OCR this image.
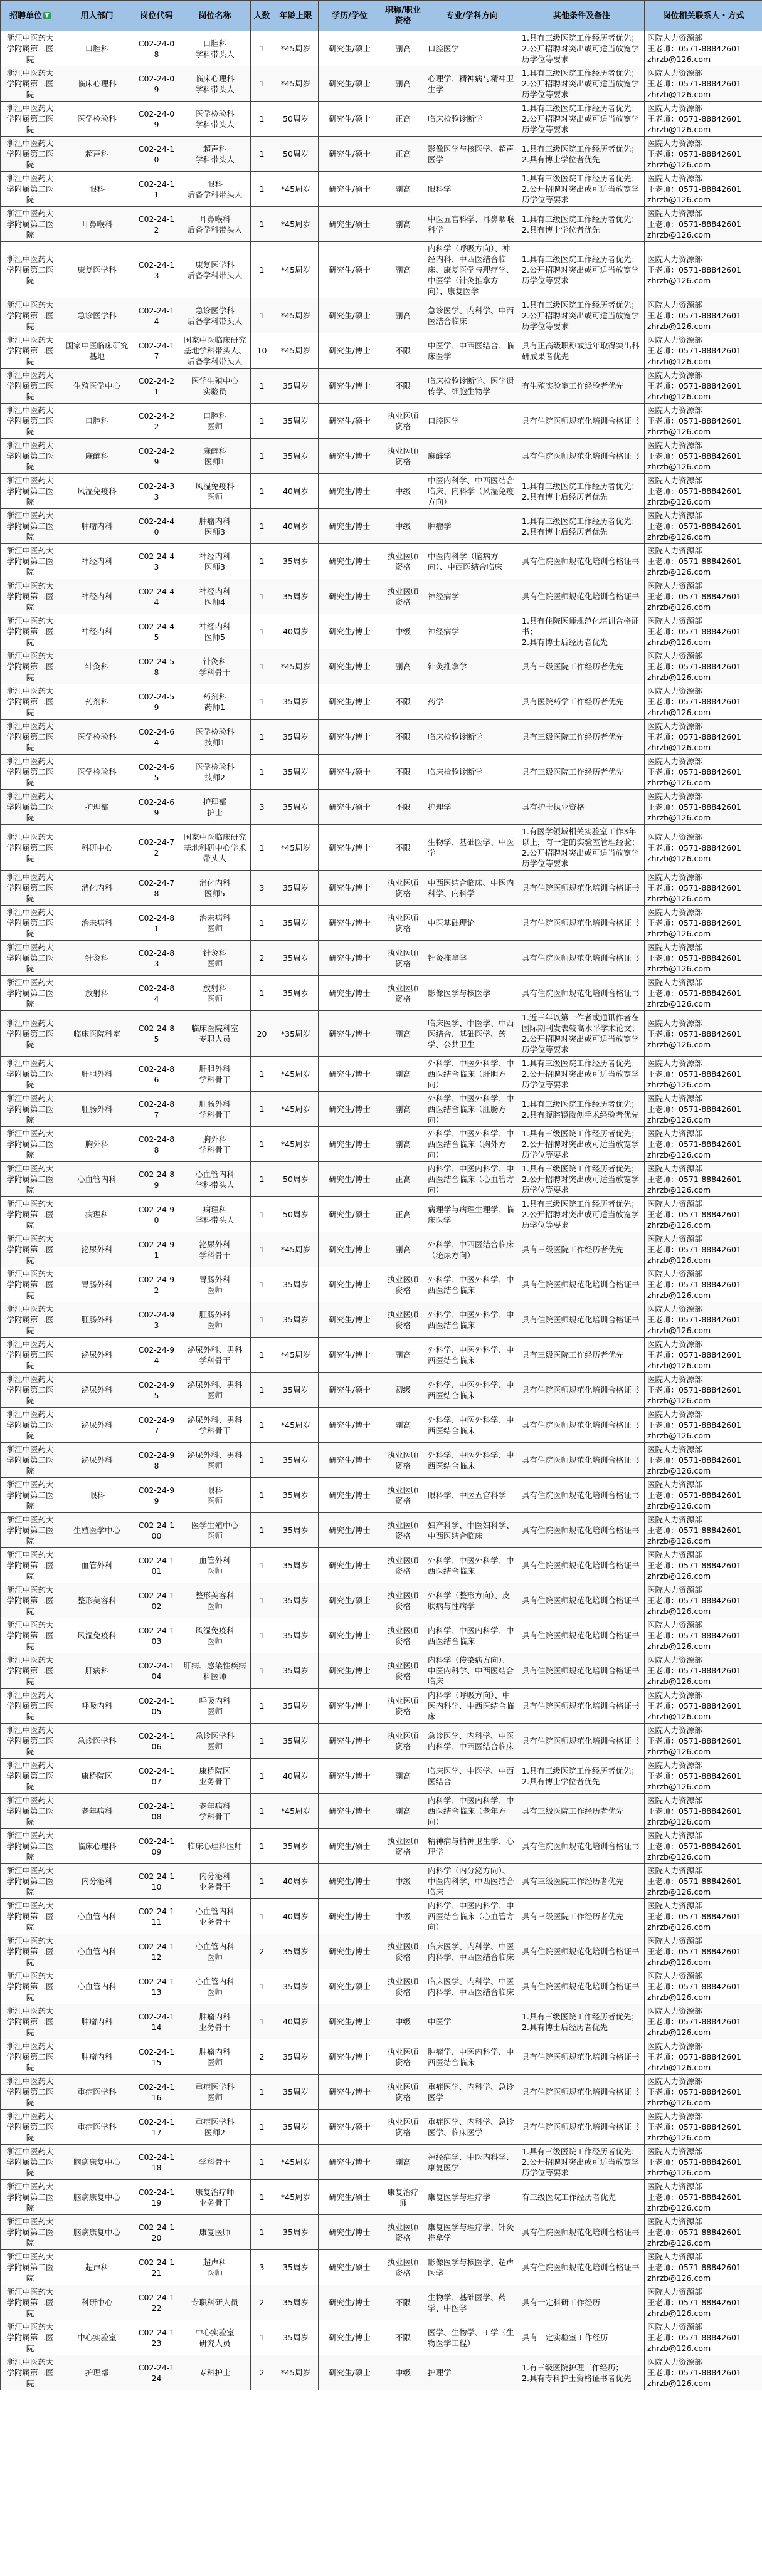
招聘单位 ▼	用人部门	岗位代码	岗位名称	人数	年龄上限	学历/学位	职称/职业资格	专业/学科方向	其他条件及备注	岗位相关联系人・方式
浙江中医药大学附属第二医院	口腔科	C02-24-08	口腔科
学科带头人	1	*45周岁	研究生/硕士	副高	口腔医学	1.具有三级医院工作经历者优先；
2.公开招聘对突出或可适当放宽学历学位等要求	医院人力资源部
王老师：0571-88842601
zhrzb@126.com
浙江中医药大学附属第二医院	临床心理科	C02-24-09	临床心理科
学科带头人	1	*45周岁	研究生/硕士	副高	心理学、精神病与精神卫生学	1.具有三级医院工作经历者优先；
2.公开招聘对突出或可适当放宽学历学位等要求	医院人力资源部
王老师：0571-88842601
zhrzb@126.com
浙江中医药大学附属第二医院	医学检验科	C02-24-09	医学检验科
学科带头人	1	50周岁	研究生/硕士	正高	临床检验诊断学	1.具有三级医院工作经历者优先；
2.公开招聘对突出或可适当放宽学历学位等要求	医院人力资源部
王老师：0571-88842601
zhrzb@126.com
浙江中医药大学附属第二医院	超声科	C02-24-10	超声科
学科带头人	1	50周岁	研究生/硕士	正高	影像医学与核医学、超声医学	1.具有三级医院工作经历者优先；
2.具有博士学位者优先	医院人力资源部
王老师：0571-88842601
zhrzb@126.com
浙江中医药大学附属第二医院	眼科	C02-24-11	眼科
后备学科带头人	1	*45周岁	研究生/硕士	副高	眼科学	1.具有三级医院工作经历者优先；
2.公开招聘对突出或可适当放宽学历学位等要求	医院人力资源部
王老师：0571-88842601
zhrzb@126.com
浙江中医药大学附属第二医院	耳鼻喉科	C02-24-12	耳鼻喉科
后备学科带头人	1	*45周岁	研究生/硕士	副高	中医五官科学、耳鼻咽喉科学	1.具有三级医院工作经历者优先；
2.具有博士学位者优先	医院人力资源部
王老师：0571-88842601
zhrzb@126.com
浙江中医药大学附属第二医院	康复医学科	C02-24-13	康复医学科
后备学科带头人	1	*45周岁	研究生/硕士	副高	内科学（呼吸方向）、神经内科、中西医结合临床、康复医学与理疗学、中医学（针灸推拿方向）、康复医学	1.具有三级医院工作经历者优先；
2.公开招聘对突出或可适当放宽学历学位等要求	医院人力资源部
王老师：0571-88842601
zhrzb@126.com
浙江中医药大学附属第二医院	急诊医学科	C02-24-14	急诊医学科
后备学科带头人	1	*45周岁	研究生/硕士	副高	急诊医学、内科学、中西医结合临床	1.具有三级医院工作经历者优先；
2.公开招聘对突出或可适当放宽学历学位等要求	医院人力资源部
王老师：0571-88842601
zhrzb@126.com
浙江中医药大学附属第二医院	国家中医临床研究基地	C02-24-17	国家中医临床研究基地学科带头人、后备学科带头人	10	*45周岁	研究生/博士	不限	中医学、中西医结合、临床医学	具有正高级职称或近年取得突出科研成果者优先	医院人力资源部
王老师：0571-88842601
zhrzb@126.com
浙江中医药大学附属第二医院	生殖医学中心	C02-24-21	医学生殖中心
实验员	1	35周岁	研究生/博士	不限	临床检验诊断学、医学遗传学、细胞生物学	有生殖实验室工作经验者优先	医院人力资源部
王老师：0571-88842601
zhrzb@126.com
浙江中医药大学附属第二医院	口腔科	C02-24-22	口腔科
医师	1	35周岁	研究生/硕士	执业医师资格	口腔医学	具有住院医师规范化培训合格证书	医院人力资源部
王老师：0571-88842601
zhrzb@126.com
浙江中医药大学附属第二医院	麻醉科	C02-24-29	麻醉科
医师1	1	35周岁	研究生/博士	执业医师资格	麻醉学	具有住院医师规范化培训合格证书	医院人力资源部
王老师：0571-88842601
zhrzb@126.com
浙江中医药大学附属第二医院	风湿免疫科	C02-24-33	风湿免疫科
医师	1	40周岁	研究生/博士	中级	中医内科学、中西医结合临床、内科学（风湿免疫方向）	1.具有三级医院工作经历者优先；
2.具有博士后经历者优先	医院人力资源部
王老师：0571-88842601
zhrzb@126.com
浙江中医药大学附属第二医院	肿瘤内科	C02-24-40	肿瘤内科
医师3	1	40周岁	研究生/博士	中级	肿瘤学	1.具有三级医院工作经历者优先；
2.具有博士后经历者优先	医院人力资源部
王老师：0571-88842601
zhrzb@126.com
浙江中医药大学附属第二医院	神经内科	C02-24-43	神经内科
医师3	1	35周岁	研究生/博士	执业医师资格	中医内科学（脑病方向）、中西医结合临床	具有住院医师规范化培训合格证书	医院人力资源部
王老师：0571-88842601
zhrzb@126.com
浙江中医药大学附属第二医院	神经内科	C02-24-44	神经内科
医师4	1	35周岁	研究生/博士	执业医师资格	神经病学	具有住院医师规范化培训合格证书	医院人力资源部
王老师：0571-88842601
zhrzb@126.com
浙江中医药大学附属第二医院	神经内科	C02-24-45	神经内科
医师5	1	40周岁	研究生/博士	中级	神经病学	1.具有住院医师规范化培训合格证书；
2.具有博士后经历者优先	医院人力资源部
王老师：0571-88842601
zhrzb@126.com
浙江中医药大学附属第二医院	针灸科	C02-24-58	针灸科
学科骨干	1	*45周岁	研究生/博士	副高	针灸推拿学	具有三级医院工作经历者优先	医院人力资源部
王老师：0571-88842601
zhrzb@126.com
浙江中医药大学附属第二医院	药剂科	C02-24-59	药剂科
药师1	1	35周岁	研究生/博士	不限	药学	具有医院药学工作经历者优先	医院人力资源部
王老师：0571-88842601
zhrzb@126.com
浙江中医药大学附属第二医院	医学检验科	C02-24-64	医学检验科
技师1	1	35周岁	研究生/博士	不限	临床检验诊断学	具有三级医院工作经历者优先	医院人力资源部
王老师：0571-88842601
zhrzb@126.com
浙江中医药大学附属第二医院	医学检验科	C02-24-65	医学检验科
技师2	1	35周岁	研究生/硕士	不限	临床检验诊断学	具有三级医院工作经历者优先	医院人力资源部
王老师：0571-88842601
zhrzb@126.com
浙江中医药大学附属第二医院	护理部	C02-24-69	护理部
护士	3	35周岁	研究生/硕士	不限	护理学	具有护士执业资格	医院人力资源部
王老师：0571-88842601
zhrzb@126.com
浙江中医药大学附属第二医院	科研中心	C02-24-72	国家中医临床研究基地科研中心学术带头人	1	*45周岁	研究生/博士	不限	生物学、基础医学、中医学	1.有医学领域相关实验室工作3年以上，有一定的实验室管理经验；
2.公开招聘对突出或可适当放宽学历学位等要求	医院人力资源部
王老师：0571-88842601
zhrzb@126.com
浙江中医药大学附属第二医院	消化内科	C02-24-78	消化内科
医师5	3	35周岁	研究生/博士	执业医师资格	中西医结合临床、中医内科学、内科学	具有住院医师规范化培训合格证书	医院人力资源部
王老师：0571-88842601
zhrzb@126.com
浙江中医药大学附属第二医院	治未病科	C02-24-81	治未病科
医师	1	35周岁	研究生/博士	执业医师资格	中医基础理论	具有住院医师规范化培训合格证书	医院人力资源部
王老师：0571-88842601
zhrzb@126.com
浙江中医药大学附属第二医院	针灸科	C02-24-83	针灸科
医师	2	35周岁	研究生/博士	执业医师资格	针灸推拿学	具有住院医师规范化培训合格证书	医院人力资源部
王老师：0571-88842601
zhrzb@126.com
浙江中医药大学附属第二医院	放射科	C02-24-84	放射科
医师	1	35周岁	研究生/博士	执业医师资格	影像医学与核医学	具有住院医师规范化培训合格证书	医院人力资源部
王老师：0571-88842601
zhrzb@126.com
浙江中医药大学附属第二医院	临床医院科室	C02-24-85	临床医院科室
专职人员	20	*35周岁	研究生/博士	副高	临床医学、中医学、中西医结合、基础医学、药学、公共卫生	1.近三年以第一作者或通讯作者在国际期刊发表较高水平学术论文；
2.公开招聘对突出或可适当放宽学历学位等要求	医院人力资源部
王老师：0571-88842601
zhrzb@126.com
浙江中医药大学附属第二医院	肝胆外科	C02-24-86	肝胆外科
学科骨干	1	*45周岁	研究生/博士	副高	外科学、中医外科学、中西医结合临床（肝胆方向）	1.具有三级医院工作经历者优先；
2.公开招聘对突出或可适当放宽学历学位等要求	医院人力资源部
王老师：0571-88842601
zhrzb@126.com
浙江中医药大学附属第二医院	肛肠外科	C02-24-87	肛肠外科
学科骨干	1	*45周岁	研究生/博士	副高	外科学、中医外科学、中西医结合临床（肛肠方向）	1.具有三级医院工作经历者优先；
2.具有腹腔镜微创手术经验者优先	医院人力资源部
王老师：0571-88842601
zhrzb@126.com
浙江中医药大学附属第二医院	胸外科	C02-24-88	胸外科
学科骨干	1	*45周岁	研究生/博士	副高	外科学、中医外科学、中西医结合临床（胸外方向）	1.具有三级医院工作经历者优先；
2.公开招聘对突出或可适当放宽学历学位等要求	医院人力资源部
王老师：0571-88842601
zhrzb@126.com
浙江中医药大学附属第二医院	心血管内科	C02-24-89	心血管内科
学科带头人	1	50周岁	研究生/博士	正高	内科学、中医内科学、中西医结合临床（心血管方向）	1.具有三级医院工作经历者优先；
2.公开招聘对突出或可适当放宽学历学位等要求	医院人力资源部
王老师：0571-88842601
zhrzb@126.com
浙江中医药大学附属第二医院	病理科	C02-24-90	病理科
学科带头人	1	50周岁	研究生/硕士	正高	病理学与病理生理学、临床医学	1.具有三级医院工作经历者优先；
2.公开招聘对突出或可适当放宽学历学位等要求	医院人力资源部
王老师：0571-88842601
zhrzb@126.com
浙江中医药大学附属第二医院	泌尿外科	C02-24-91	泌尿外科
学科骨干	1	*45周岁	研究生/博士	副高	外科学、中西医结合临床（泌尿方向）	具有三级医院工作经历者优先	医院人力资源部
王老师：0571-88842601
zhrzb@126.com
浙江中医药大学附属第二医院	胃肠外科	C02-24-92	胃肠外科
医师	1	35周岁	研究生/博士	执业医师资格	外科学、中医外科学、中西医结合临床	具有住院医师规范化培训合格证书	医院人力资源部
王老师：0571-88842601
zhrzb@126.com
浙江中医药大学附属第二医院	肛肠外科	C02-24-93	肛肠外科
医师	1	35周岁	研究生/博士	执业医师资格	外科学、中医外科学、中西医结合临床	具有住院医师规范化培训合格证书	医院人力资源部
王老师：0571-88842601
zhrzb@126.com
浙江中医药大学附属第二医院	泌尿外科	C02-24-94	泌尿外科、男科
学科骨干	1	*45周岁	研究生/博士	副高	外科学、中医外科学、中西医结合临床	具有三级医院工作经历者优先	医院人力资源部
王老师：0571-88842601
zhrzb@126.com
浙江中医药大学附属第二医院	泌尿外科	C02-24-95	泌尿外科、男科
医师	1	35周岁	研究生/硕士	初级	外科学、中医外科学、中西医结合临床	具有住院医师规范化培训合格证书	医院人力资源部
王老师：0571-88842601
zhrzb@126.com
浙江中医药大学附属第二医院	泌尿外科	C02-24-97	泌尿外科、男科
学科骨干	1	*45周岁	研究生/博士	副高	外科学、中医外科学、中西医结合临床	具有住院医师规范化培训合格证书	医院人力资源部
王老师：0571-88842601
zhrzb@126.com
浙江中医药大学附属第二医院	泌尿外科	C02-24-98	泌尿外科、男科
医师	1	35周岁	研究生/博士	执业医师资格	外科学、中医外科学、中西医结合临床	具有住院医师规范化培训合格证书	医院人力资源部
王老师：0571-88842601
zhrzb@126.com
浙江中医药大学附属第二医院	眼科	C02-24-99	眼科
医师	1	35周岁	研究生/博士	执业医师资格	眼科学、中医五官科学	具有住院医师规范化培训合格证书	医院人力资源部
王老师：0571-88842601
zhrzb@126.com
浙江中医药大学附属第二医院	生殖医学中心	C02-24-100	医学生殖中心
医师	1	35周岁	研究生/博士	执业医师资格	妇产科学、中医妇科学、中西医结合临床	具有住院医师规范化培训合格证书	医院人力资源部
王老师：0571-88842601
zhrzb@126.com
浙江中医药大学附属第二医院	血管外科	C02-24-101	血管外科
医师	1	35周岁	研究生/博士	执业医师资格	外科学、中医外科学、中西医结合临床	具有住院医师规范化培训合格证书	医院人力资源部
王老师：0571-88842601
zhrzb@126.com
浙江中医药大学附属第二医院	整形美容科	C02-24-102	整形美容科
医师	1	35周岁	研究生/硕士	执业医师资格	外科学（整形方向）、皮肤病与性病学	具有住院医师规范化培训合格证书	医院人力资源部
王老师：0571-88842601
zhrzb@126.com
浙江中医药大学附属第二医院	风湿免疫科	C02-24-103	风湿免疫科
医师	1	35周岁	研究生/博士	执业医师资格	内科学、中医内科学、中西医结合临床	具有住院医师规范化培训合格证书	医院人力资源部
王老师：0571-88842601
zhrzb@126.com
浙江中医药大学附属第二医院	肝病科	C02-24-104	肝病、感染性疾病科医师	1	35周岁	研究生/博士	执业医师资格	内科学（传染病方向）、中医内科学、中西医结合临床	具有住院医师规范化培训合格证书	医院人力资源部
王老师：0571-88842601
zhrzb@126.com
浙江中医药大学附属第二医院	呼吸内科	C02-24-105	呼吸内科
医师	1	35周岁	研究生/博士	执业医师资格	内科学（呼吸方向）、中医内科学、中西医结合临床	具有住院医师规范化培训合格证书	医院人力资源部
王老师：0571-88842601
zhrzb@126.com
浙江中医药大学附属第二医院	急诊医学科	C02-24-106	急诊医学科
医师	1	35周岁	研究生/博士	执业医师资格	急诊医学、内科学、中医内科学、中西医结合临床	具有住院医师规范化培训合格证书	医院人力资源部
王老师：0571-88842601
zhrzb@126.com
浙江中医药大学附属第二医院	康桥院区	C02-24-107	康桥院区
业务骨干	1	40周岁	研究生/博士	副高	临床医学、中医学、中西医结合	1.具有三级医院工作经历者优先；
2.具有博士学位者优先	医院人力资源部
王老师：0571-88842601
zhrzb@126.com
浙江中医药大学附属第二医院	老年病科	C02-24-108	老年病科
学科骨干	1	*45周岁	研究生/博士	副高	内科学、中医内科学、中西医结合临床（老年方向）	具有三级医院工作经历者优先	医院人力资源部
王老师：0571-88842601
zhrzb@126.com
浙江中医药大学附属第二医院	临床心理科	C02-24-109	临床心理科医师	1	35周岁	研究生/硕士	执业医师资格	精神病与精神卫生学、心理学	具有住院医师规范化培训合格证书	医院人力资源部
王老师：0571-88842601
zhrzb@126.com
浙江中医药大学附属第二医院	内分泌科	C02-24-110	内分泌科
业务骨干	1	40周岁	研究生/博士	中级	内科学（内分泌方向）、中医内科学、中西医结合临床	具有三级医院工作经历者优先	医院人力资源部
王老师：0571-88842601
zhrzb@126.com
浙江中医药大学附属第二医院	心血管内科	C02-24-111	心血管内科
业务骨干	1	40周岁	研究生/博士	中级	内科学、中医内科学、中西医结合临床（心血管方向）	具有三级医院工作经历者优先	医院人力资源部
王老师：0571-88842601
zhrzb@126.com
浙江中医药大学附属第二医院	心血管内科	C02-24-112	心血管内科
医师	2	35周岁	研究生/博士	执业医师资格	临床医学、内科学、中医内科学、中西医结合临床	具有住院医师规范化培训合格证书	医院人力资源部
王老师：0571-88842601
zhrzb@126.com
浙江中医药大学附属第二医院	心血管内科	C02-24-113	心血管内科
医师	1	35周岁	研究生/硕士	执业医师资格	临床医学、内科学、中医内科学、中西医结合临床	具有住院医师规范化培训合格证书	医院人力资源部
王老师：0571-88842601
zhrzb@126.com
浙江中医药大学附属第二医院	肿瘤内科	C02-24-114	肿瘤内科
业务骨干	1	40周岁	研究生/博士	中级	中医学	1.具有三级医院工作经历者优先；
2.具有博士后经历者优先	医院人力资源部
王老师：0571-88842601
zhrzb@126.com
浙江中医药大学附属第二医院	肿瘤内科	C02-24-115	肿瘤内科
医师	2	35周岁	研究生/博士	执业医师资格	肿瘤学、中医内科学、中西医结合临床	具有住院医师规范化培训合格证书	医院人力资源部
王老师：0571-88842601
zhrzb@126.com
浙江中医药大学附属第二医院	重症医学科	C02-24-116	重症医学科
医师	1	35周岁	研究生/博士	执业医师资格	重症医学、内科学、急诊医学	具有住院医师规范化培训合格证书	医院人力资源部
王老师：0571-88842601
zhrzb@126.com
浙江中医药大学附属第二医院	重症医学科	C02-24-117	重症医学科
医师2	1	35周岁	研究生/硕士	执业医师资格	重症医学、内科学、急诊医学、临床医学	具有住院医师规范化培训合格证书	医院人力资源部
王老师：0571-88842601
zhrzb@126.com
浙江中医药大学附属第二医院	脑病康复中心	C02-24-118	学科骨干	1	*45周岁	研究生/博士	副高	神经病学、中医内科学、康复医学	1.具有三级医院工作经历者优先；
2.公开招聘对突出或可适当放宽学历学位等要求	医院人力资源部
王老师：0571-88842601
zhrzb@126.com
浙江中医药大学附属第二医院	脑病康复中心	C02-24-119	康复治疗师
业务骨干	1	*45周岁	研究生/硕士	康复治疗师	康复医学与理疗学	有三级医院工作经历者优先	医院人力资源部
王老师：0571-88842601
zhrzb@126.com
浙江中医药大学附属第二医院	脑病康复中心	C02-24-120	康复医师	1	35周岁	研究生/博士	执业医师资格	康复医学与理疗学、针灸推拿学	具有住院医师规范化培训合格证书	医院人力资源部
王老师：0571-88842601
zhrzb@126.com
浙江中医药大学附属第二医院	超声科	C02-24-121	超声科
医师	3	35周岁	研究生/硕士	执业医师资格	影像医学与核医学、超声医学	具有住院医师规范化培训合格证书	医院人力资源部
王老师：0571-88842601
zhrzb@126.com
浙江中医药大学附属第二医院	科研中心	C02-24-122	专职科研人员	2	35周岁	研究生/博士	不限	生物学、基础医学、药学、中医学	具有一定科研工作经历	医院人力资源部
王老师：0571-88842601
zhrzb@126.com
浙江中医药大学附属第二医院	中心实验室	C02-24-123	中心实验室
研究人员	1	35周岁	研究生/博士	不限	医学、生物学、工学（生物医学工程）	具有一定实验室工作经历	医院人力资源部
王老师：0571-88842601
zhrzb@126.com
浙江中医药大学附属第二医院	护理部	C02-24-124	专科护士	2	*45周岁	研究生/硕士	中级	护理学	1.有三级医院护理工作经历；
2.具有专科护士资格证书者优先	医院人力资源部
王老师：0571-88842601
zhrzb@126.com
